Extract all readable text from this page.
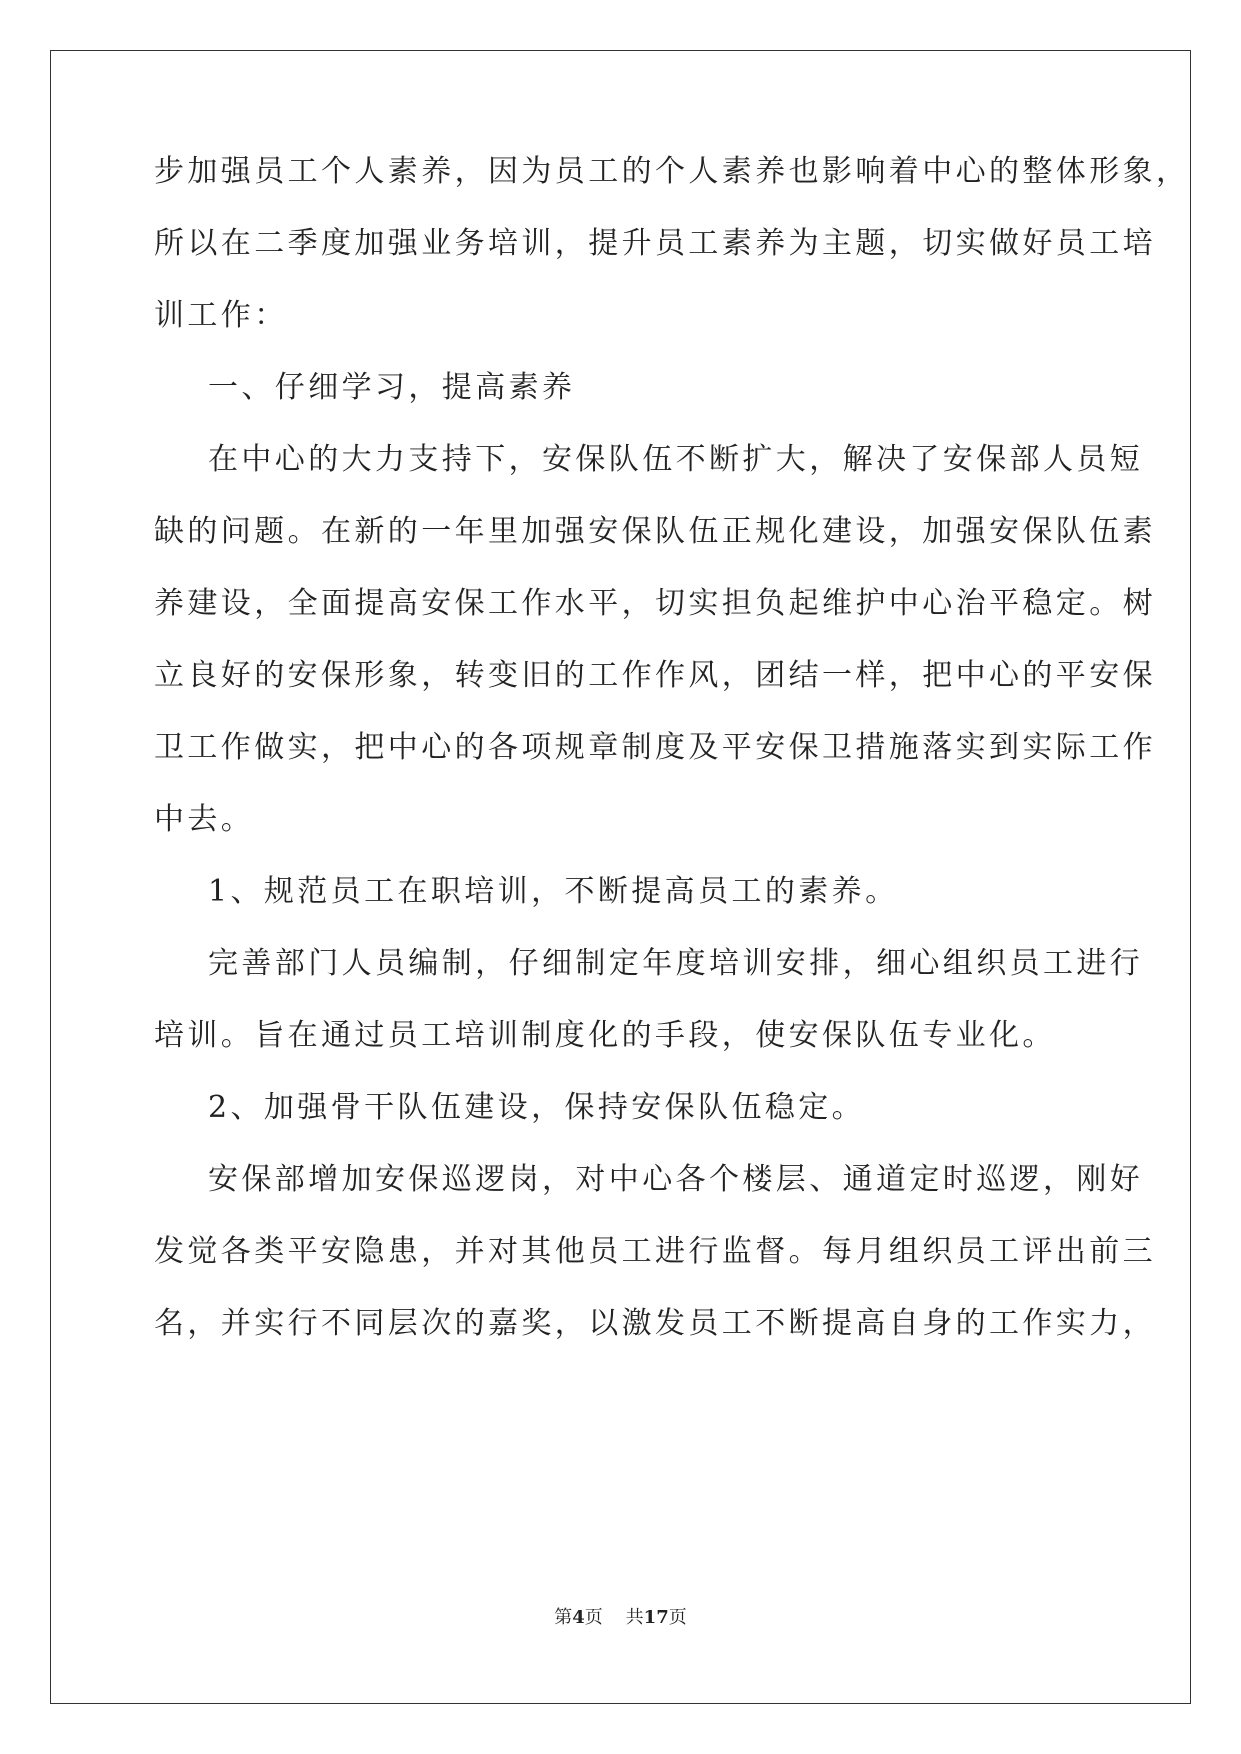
步加强员工个人素养，因为员工的个人素养也影响着中心的整体形象，
所以在二季度加强业务培训，提升员工素养为主题，切实做好员工培
训工作：
一、仔细学习，提高素养
在中心的大力支持下，安保队伍不断扩大，解决了安保部人员短
缺的问题。在新的一年里加强安保队伍正规化建设，加强安保队伍素
养建设，全面提高安保工作水平，切实担负起维护中心治平稳定。树
立良好的安保形象，转变旧的工作作风，团结一样，把中心的平安保
卫工作做实，把中心的各项规章制度及平安保卫措施落实到实际工作
中去。
1、规范员工在职培训，不断提高员工的素养。
完善部门人员编制，仔细制定年度培训安排，细心组织员工进行
培训。旨在通过员工培训制度化的手段，使安保队伍专业化。
2、加强骨干队伍建设，保持安保队伍稳定。
安保部增加安保巡逻岗，对中心各个楼层、通道定时巡逻，刚好
发觉各类平安隐患，并对其他员工进行监督。每月组织员工评出前三
名，并实行不同层次的嘉奖，以激发员工不断提高自身的工作实力，
第4页 共17页
